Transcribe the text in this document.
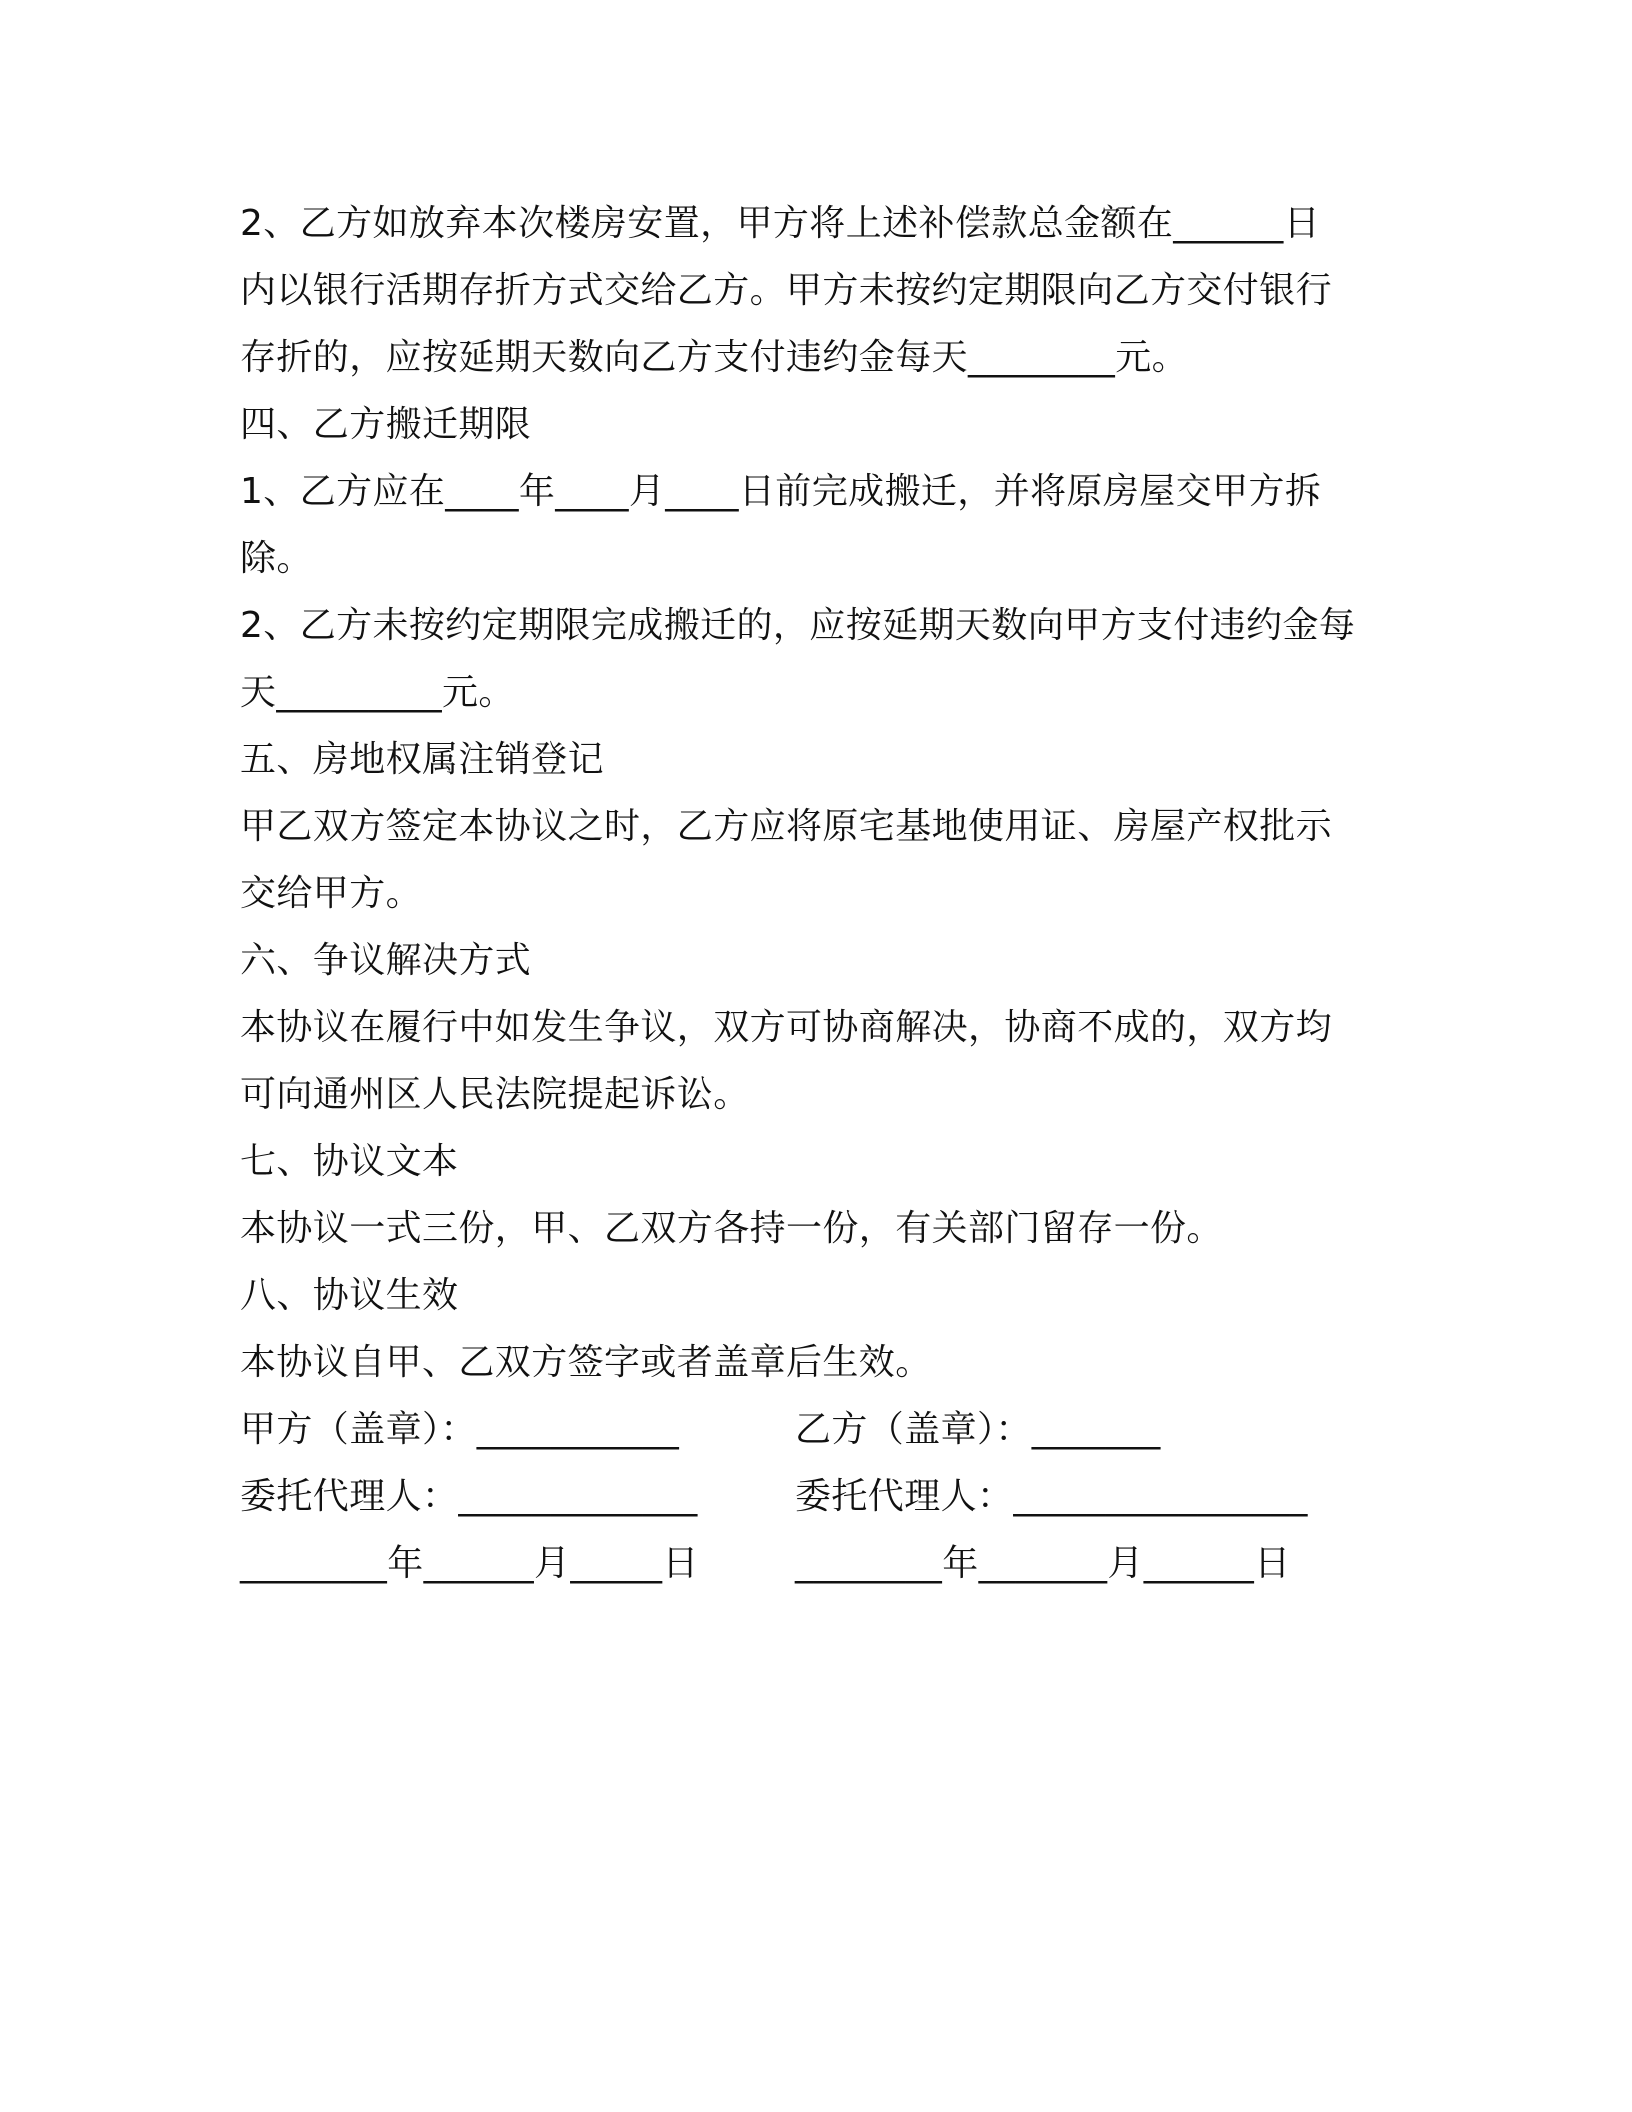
2、乙方如放弃本次楼房安置，甲方将上述补偿款总金额在______日
内以银行活期存折方式交给乙方。甲方未按约定期限向乙方交付银行
存折的，应按延期天数向乙方支付违约金每天________元。
四、乙方搬迁期限
1、乙方应在____年____月____日前完成搬迁，并将原房屋交甲方拆
除。
2、乙方未按约定期限完成搬迁的，应按延期天数向甲方支付违约金每
天_________元。
五、房地权属注销登记
甲乙双方签定本协议之时，乙方应将原宅基地使用证、房屋产权批示
交给甲方。
六、争议解决方式
本协议在履行中如发生争议，双方可协商解决，协商不成的，双方均
可向通州区人民法院提起诉讼。
七、协议文本
本协议一式三份，甲、乙双方各持一份，有关部门留存一份。
八、协议生效
本协议自甲、乙双方签字或者盖章后生效。
甲方（盖章）：___________	乙方（盖章）：_______
委托代理人：_____________	委托代理人：________________
________年______月_____日	________年_______月______日
